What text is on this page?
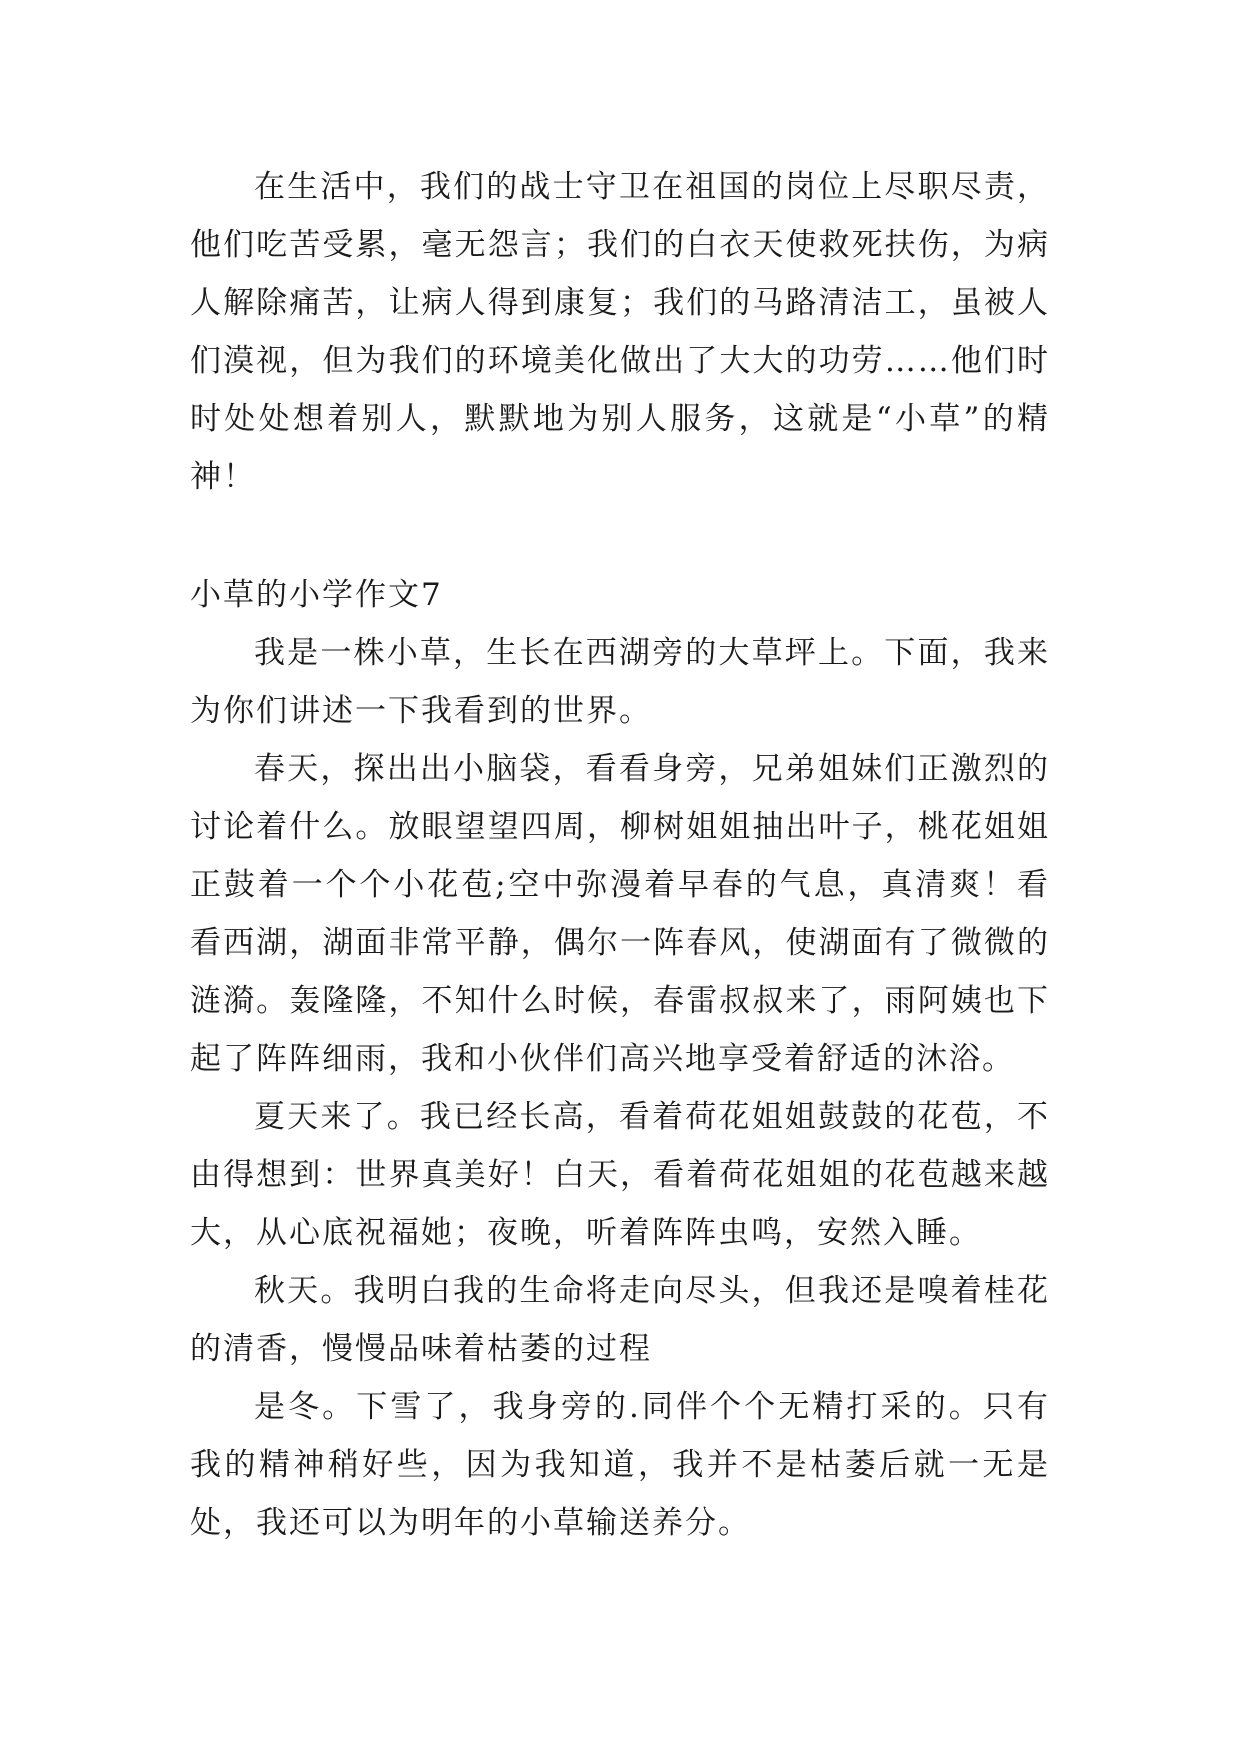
在生活中，我们的战士守卫在祖国的岗位上尽职尽责，他们吃苦受累，毫无怨言；我们的白衣天使救死扶伤，为病人解除痛苦，让病人得到康复；我们的马路清洁工，虽被人们漠视，但为我们的环境美化做出了大大的功劳……他们时时处处想着别人，默默地为别人服务，这就是“小草”的精神！

小草的小学作文7

我是一株小草，生长在西湖旁的大草坪上。下面，我来为你们讲述一下我看到的世界。

春天，探出出小脑袋，看看身旁，兄弟姐妹们正激烈的讨论着什么。放眼望望四周，柳树姐姐抽出叶子，桃花姐姐正鼓着一个个小花苞;空中弥漫着早春的气息，真清爽！看看西湖，湖面非常平静，偶尔一阵春风，使湖面有了微微的涟漪。轰隆隆，不知什么时候，春雷叔叔来了，雨阿姨也下起了阵阵细雨，我和小伙伴们高兴地享受着舒适的沐浴。

夏天来了。我已经长高，看着荷花姐姐鼓鼓的花苞，不由得想到：世界真美好！白天，看着荷花姐姐的花苞越来越大，从心底祝福她；夜晚，听着阵阵虫鸣，安然入睡。

秋天。我明白我的生命将走向尽头，但我还是嗅着桂花的清香，慢慢品味着枯萎的过程

是冬。下雪了，我身旁的.同伴个个无精打采的。只有我的精神稍好些，因为我知道，我并不是枯萎后就一无是处，我还可以为明年的小草输送养分。
